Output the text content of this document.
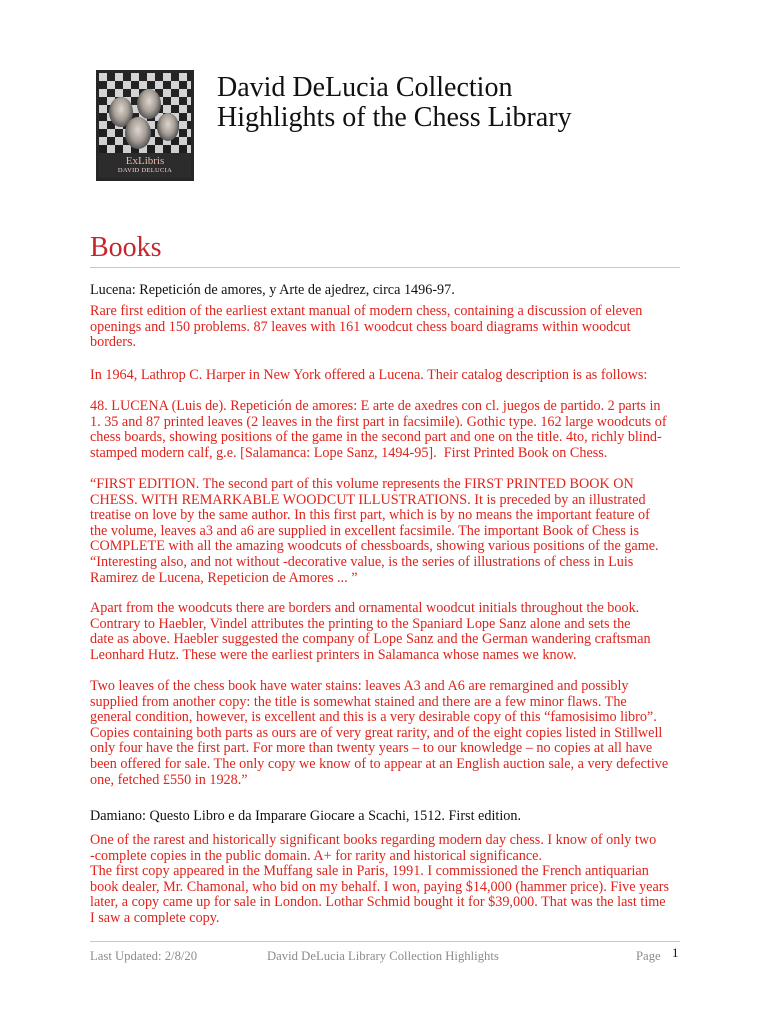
ExLibris
DAVID DELUCIA
David DeLucia Collection
Highlights of the Chess Library
Books
Lucena: Repetición de amores, y Arte de ajedrez, circa 1496-97.
Rare first edition of the earliest extant manual of modern chess, containing a discussion of eleven
openings and 150 problems. 87 leaves with 161 woodcut chess board diagrams within woodcut
borders.
In 1964, Lathrop C. Harper in New York offered a Lucena. Their catalog description is as follows:
48. LUCENA (Luis de). Repetición de amores: E arte de axedres con cl. juegos de partido. 2 parts in
1. 35 and 87 printed leaves (2 leaves in the first part in facsimile). Gothic type. 162 large woodcuts of
chess boards, showing positions of the game in the second part and one on the title. 4to, richly blind-
stamped modern calf, g.e. [Salamanca: Lope Sanz, 1494-95].  First Printed Book on Chess.
“FIRST EDITION. The second part of this volume represents the FIRST PRINTED BOOK ON
CHESS. WITH REMARKABLE WOODCUT ILLUSTRATIONS. It is preceded by an illustrated
treatise on love by the same author. In this first part, which is by no means the important feature of
the volume, leaves a3 and a6 are supplied in excellent facsimile. The important Book of Chess is
COMPLETE with all the amazing woodcuts of chessboards, showing various positions of the game.
“Interesting also, and not without -decorative value, is the series of illustrations of chess in Luis
Ramirez de Lucena, Repeticion de Amores ... ”
Apart from the woodcuts there are borders and ornamental woodcut initials throughout the book.
Contrary to Haebler, Vindel attributes the printing to the Spaniard Lope Sanz alone and sets the
date as above. Haebler suggested the company of Lope Sanz and the German wandering craftsman
Leonhard Hutz. These were the earliest printers in Salamanca whose names we know.
Two leaves of the chess book have water stains: leaves A3 and A6 are remargined and possibly
supplied from another copy: the title is somewhat stained and there are a few minor flaws. The
general condition, however, is excellent and this is a very desirable copy of this “famosisimo libro”.
Copies containing both parts as ours are of very great rarity, and of the eight copies listed in Stillwell
only four have the first part. For more than twenty years – to our knowledge – no copies at all have
been offered for sale. The only copy we know of to appear at an English auction sale, a very defective
one, fetched £550 in 1928.”
Damiano: Questo Libro e da Imparare Giocare a Scachi, 1512. First edition.
One of the rarest and historically significant books regarding modern day chess. I know of only two
-complete copies in the public domain. A+ for rarity and historical significance.
The first copy appeared in the Muffang sale in Paris, 1991. I commissioned the French antiquarian
book dealer, Mr. Chamonal, who bid on my behalf. I won, paying $14,000 (hammer price). Five years
later, a copy came up for sale in London. Lothar Schmid bought it for $39,000. That was the last time
I saw a complete copy.
Last Updated: 2/8/20	David DeLucia Library Collection Highlights	Page 1
